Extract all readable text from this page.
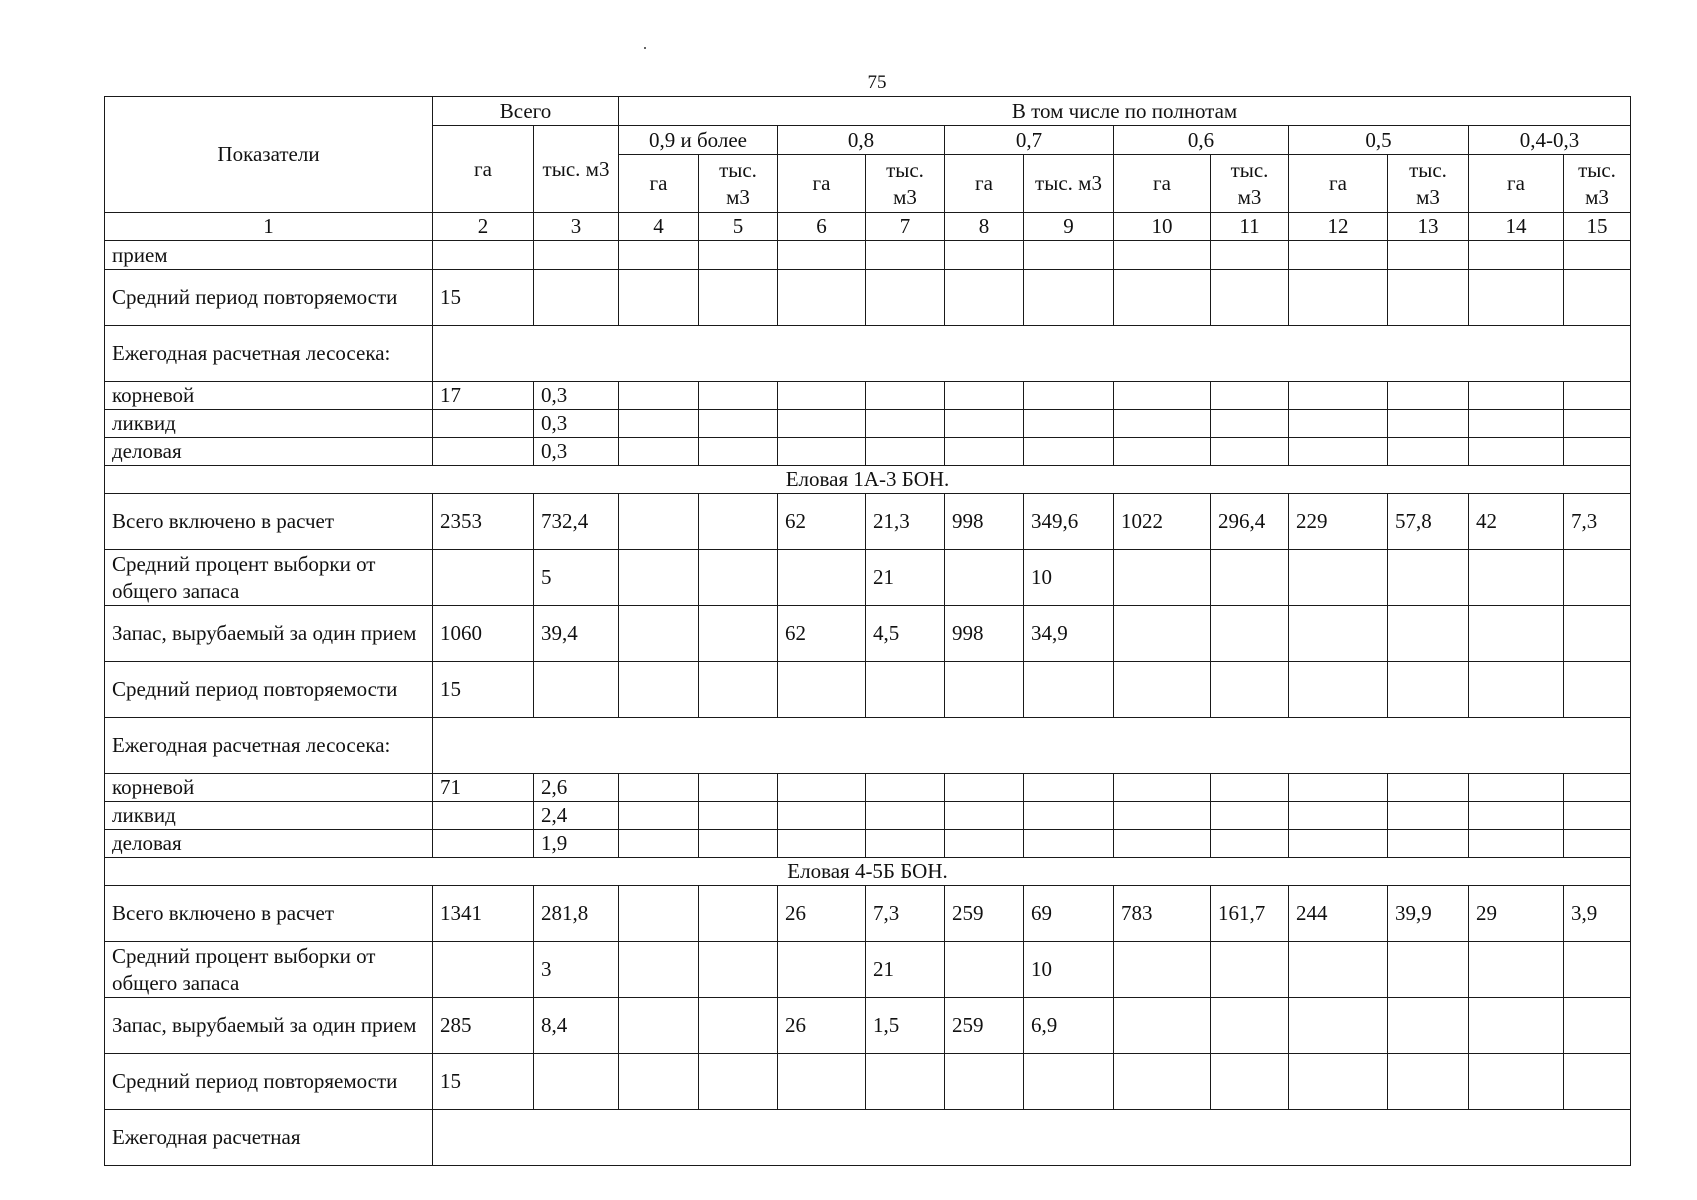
75
Показатели	Всего		В том числе по полнотам											
	га	тыс. м3	0,9 и более		0,8		0,7		0,6		0,5		0,4-0,3	
			га	тыс. м3	га	тыс. м3	га	тыс. м3	га	тыс. м3	га	тыс. м3	га	тыс. м3
1	2	3	4	5	6	7	8	9	10	11	12	13	14	15
прием														
Средний период повторяемости	15													
Ежегодная расчетная лесосека:														
корневой	17	0,3												
ликвид		0,3												
деловая		0,3												
Еловая 1А-3 БОН.														
Всего включено в расчет	2353	732,4			62	21,3	998	349,6	1022	296,4	229	57,8	42	7,3
Средний процент выборки от общего запаса		5				21		10						
Запас, вырубаемый за один прием	1060	39,4			62	4,5	998	34,9						
Средний период повторяемости	15													
Ежегодная расчетная лесосека:														
корневой	71	2,6												
ликвид		2,4												
деловая		1,9												
Еловая 4-5Б БОН.														
Всего включено в расчет	1341	281,8			26	7,3	259	69	783	161,7	244	39,9	29	3,9
Средний процент выборки от общего запаса		3				21		10						
Запас, вырубаемый за один прием	285	8,4			26	1,5	259	6,9						
Средний период повторяемости	15													
Ежегодная расчетная														
